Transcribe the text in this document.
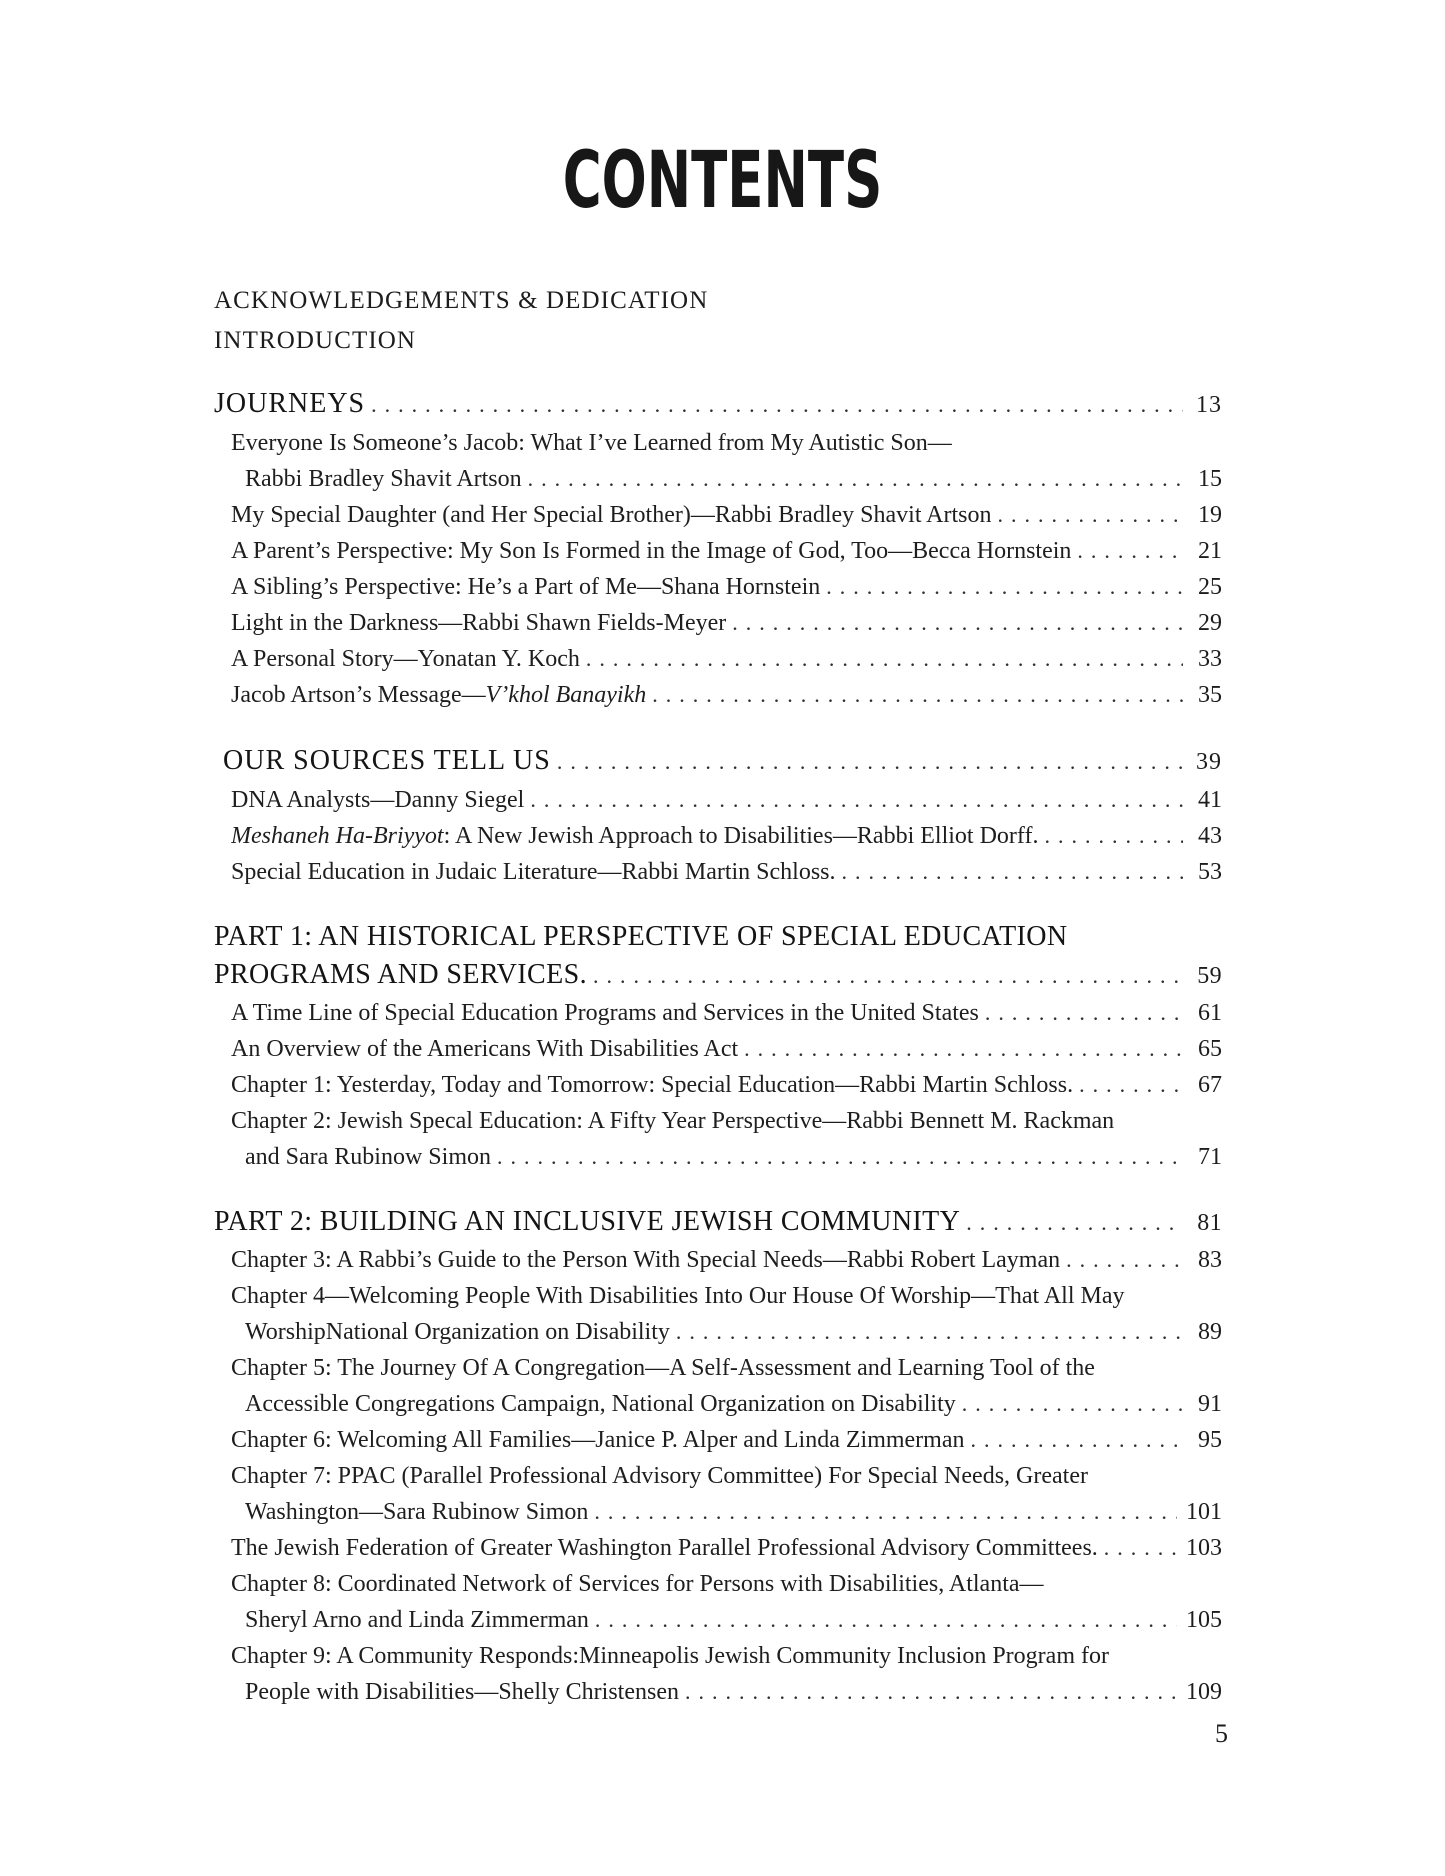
CONTENTS
ACKNOWLEDGEMENTS & DEDICATION
INTRODUCTION
JOURNEYS .....	13
Everyone Is Someone’s Jacob: What I’ve Learned from My Autistic Son—
Rabbi Bradley Shavit Artson .....	15
My Special Daughter (and Her Special Brother)—Rabbi Bradley Shavit Artson .....	19
A Parent’s Perspective: My Son Is Formed in the Image of God, Too—Becca Hornstein .....	21
A Sibling’s Perspective: He’s a Part of Me—Shana Hornstein .....	25
Light in the Darkness—Rabbi Shawn Fields-Meyer .....	29
A Personal Story—Yonatan Y. Koch .....	33
Jacob Artson’s Message—V’khol Banayikh .....	35
OUR SOURCES TELL US .....	39
DNA Analysts—Danny Siegel .....	41
Meshaneh Ha-Briyyot: A New Jewish Approach to Disabilities—Rabbi Elliot Dorff. .....	43
Special Education in Judaic Literature—Rabbi Martin Schloss. .....	53
PART 1: AN HISTORICAL PERSPECTIVE OF SPECIAL EDUCATION
PROGRAMS AND SERVICES. .....	59
A Time Line of Special Education Programs and Services in the United States .....	61
An Overview of the Americans With Disabilities Act .....	65
Chapter 1: Yesterday, Today and Tomorrow: Special Education—Rabbi Martin Schloss. .....	67
Chapter 2: Jewish Specal Education: A Fifty Year Perspective—Rabbi Bennett M. Rackman
and Sara Rubinow Simon .....	71
PART 2: BUILDING AN INCLUSIVE JEWISH COMMUNITY .....	81
Chapter 3: A Rabbi’s Guide to the Person With Special Needs—Rabbi Robert Layman .....	83
Chapter 4—Welcoming People With Disabilities Into Our House Of Worship—That All May
WorshipNational Organization on Disability .....	89
Chapter 5: The Journey Of A Congregation—A Self-Assessment and Learning Tool of the
Accessible Congregations Campaign, National Organization on Disability .....	91
Chapter 6: Welcoming All Families—Janice P. Alper and Linda Zimmerman .....	95
Chapter 7: PPAC (Parallel Professional Advisory Committee) For Special Needs, Greater
Washington—Sara Rubinow Simon .....	101
The Jewish Federation of Greater Washington Parallel Professional Advisory Committees. .....	103
Chapter 8: Coordinated Network of Services for Persons with Disabilities, Atlanta—
Sheryl Arno and Linda Zimmerman .....	105
Chapter 9: A Community Responds:Minneapolis Jewish Community Inclusion Program for
People with Disabilities—Shelly Christensen .....	109
5
